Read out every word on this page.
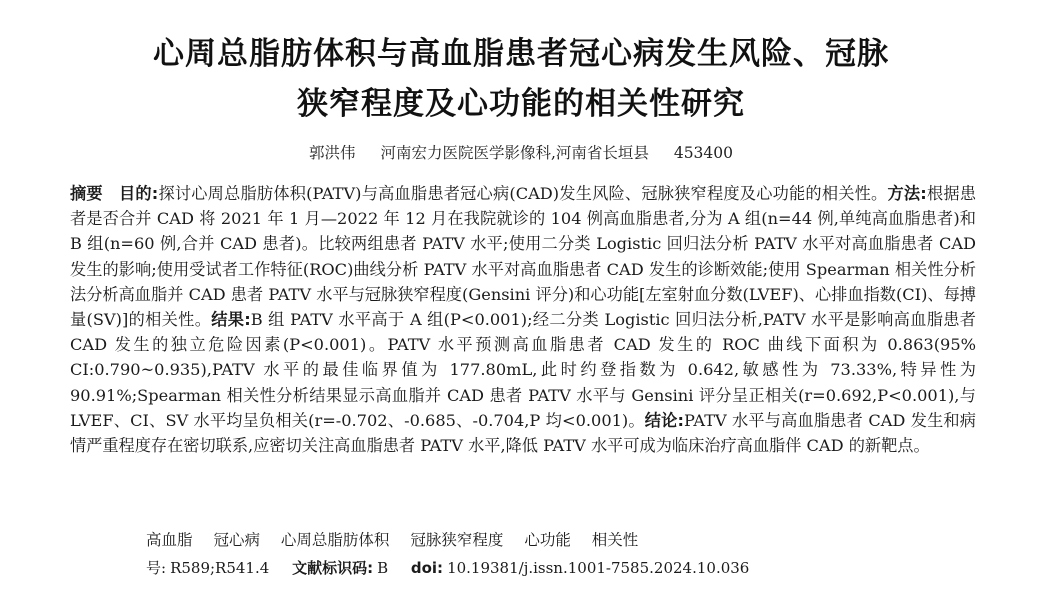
心周总脂肪体积与高血脂患者冠心病发生风险、冠脉
狭窄程度及心功能的相关性研究
郭洪伟 河南宏力医院医学影像科,河南省长垣县 453400

摘要 目的:探讨心周总脂肪体积(PATV)与高血脂患者冠心病(CAD)发生风险、冠脉狭窄程度及心功能的相关性。方法:根据患者是否合并 CAD 将 2021 年 1 月—2022 年 12 月在我院就诊的 104 例高血脂患者,分为 A 组(n=44 例,单纯高血脂患者)和 B 组(n=60 例,合并 CAD 患者)。比较两组患者 PATV 水平;使用二分类 Logistic 回归法分析 PATV 水平对高血脂患者 CAD 发生的影响;使用受试者工作特征(ROC)曲线分析 PATV 水平对高血脂患者 CAD 发生的诊断效能;使用 Spearman 相关性分析法分析高血脂并 CAD 患者 PATV 水平与冠脉狭窄程度(Gensini 评分)和心功能[左室射血分数(LVEF)、心排血指数(CI)、每搏量(SV)]的相关性。结果:B 组 PATV 水平高于 A 组(P<0.001);经二分类 Logistic 回归法分析,PATV 水平是影响高血脂患者 CAD 发生的独立危险因素(P<0.001)。PATV 水平预测高血脂患者 CAD 发生的 ROC 曲线下面积为 0.863(95% CI:0.790~0.935),PATV 水平的最佳临界值为 177.80mL,此时约登指数为 0.642,敏感性为 73.33%,特异性为 90.91%;Spearman 相关性分析结果显示高血脂并 CAD 患者 PATV 水平与 Gensini 评分呈正相关(r=0.692,P<0.001),与 LVEF、CI、SV 水平均呈负相关(r=-0.702、-0.685、-0.704,P 均<0.001)。结论:PATV 水平与高血脂患者 CAD 发生和病情严重程度存在密切联系,应密切关注高血脂患者 PATV 水平,降低 PATV 水平可成为临床治疗高血脂伴 CAD 的新靶点。

高血脂 冠心病 心周总脂肪体积 冠脉狭窄程度 心功能 相关性
号: R589;R541.4 文献标识码: B doi: 10.19381/j.issn.1001-7585.2024.10.036
